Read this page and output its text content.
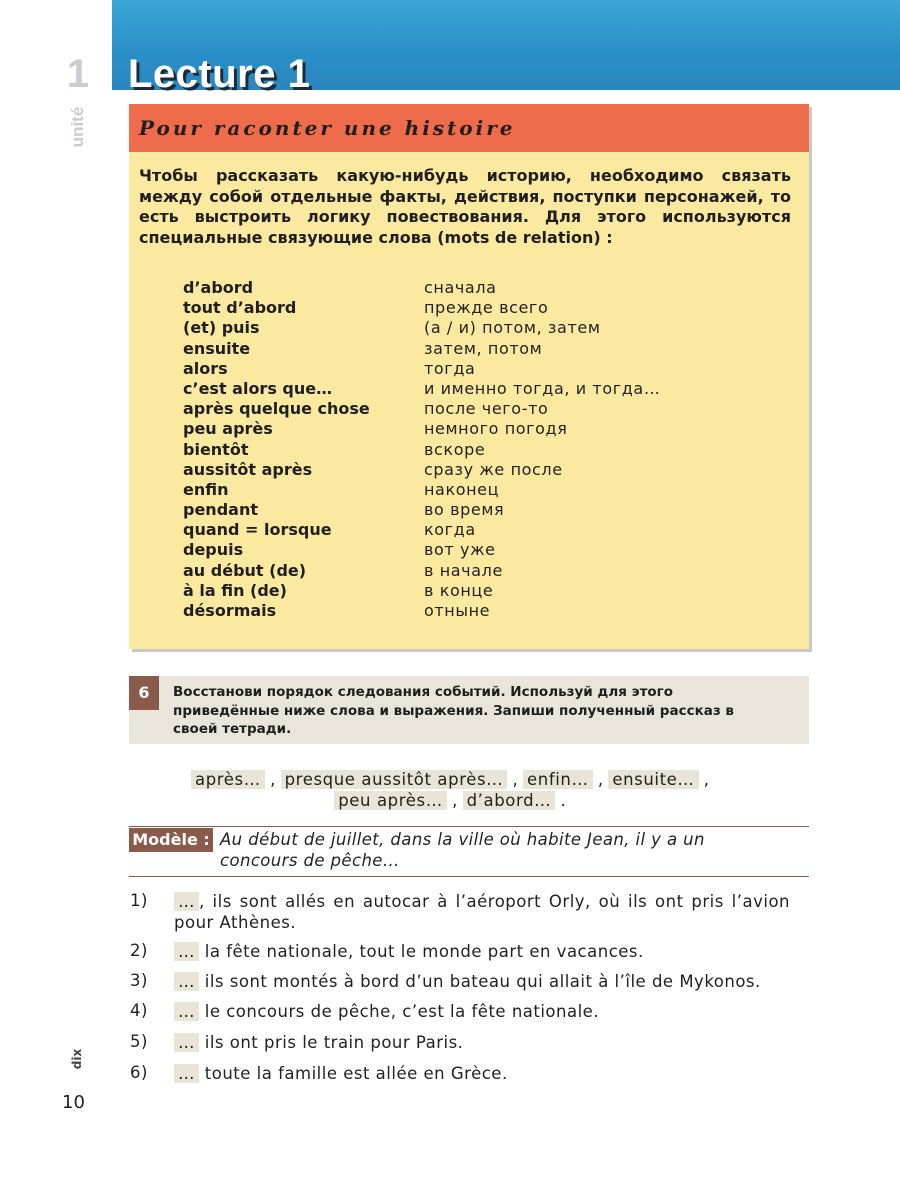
1
unité
Lecture 1
Pour raconter une histoire
Чтобы рассказать какую-нибудь историю, необходимо связать между собой отдельные факты, действия, поступки персонажей, то есть выстроить логику повествования. Для этого используются специальные связующие слова (mots de relation) :
d’abord	сначала
tout d’abord	прежде всего
(et) puis	(а / и) потом, затем
ensuite	затем, потом
alors	тогда
c’est alors que…	и именно тогда, и тогда…
après quelque chose	после чего-то
peu après	немного погодя
bientôt	вскоре
aussitôt après	сразу же после
enfin	наконец
pendant	во время
quand = lorsque	когда
depuis	вот уже
au début (de)	в начале
à la fin (de)	в конце
désormais	отныне
6	Восстанови порядок следования событий. Используй для этого приведённые ниже слова и выражения. Запиши полученный рассказ в своей тетради.
après… , presque aussitôt après… , enfin… , ensuite… ,
peu après… , d’abord… .
Modèle : Au début de juillet, dans la ville où habite Jean, il y a un concours de pêche…
1) … , ils sont allés en autocar à l’aéroport Orly, où ils ont pris l’avion pour Athènes.
2) … la fête nationale, tout le monde part en vacances.
3) … ils sont montés à bord d’un bateau qui allait à l’île de Mykonos.
4) … le concours de pêche, c’est la fête nationale.
5) … ils ont pris le train pour Paris.
6) … toute la famille est allée en Grèce.
dix
10
